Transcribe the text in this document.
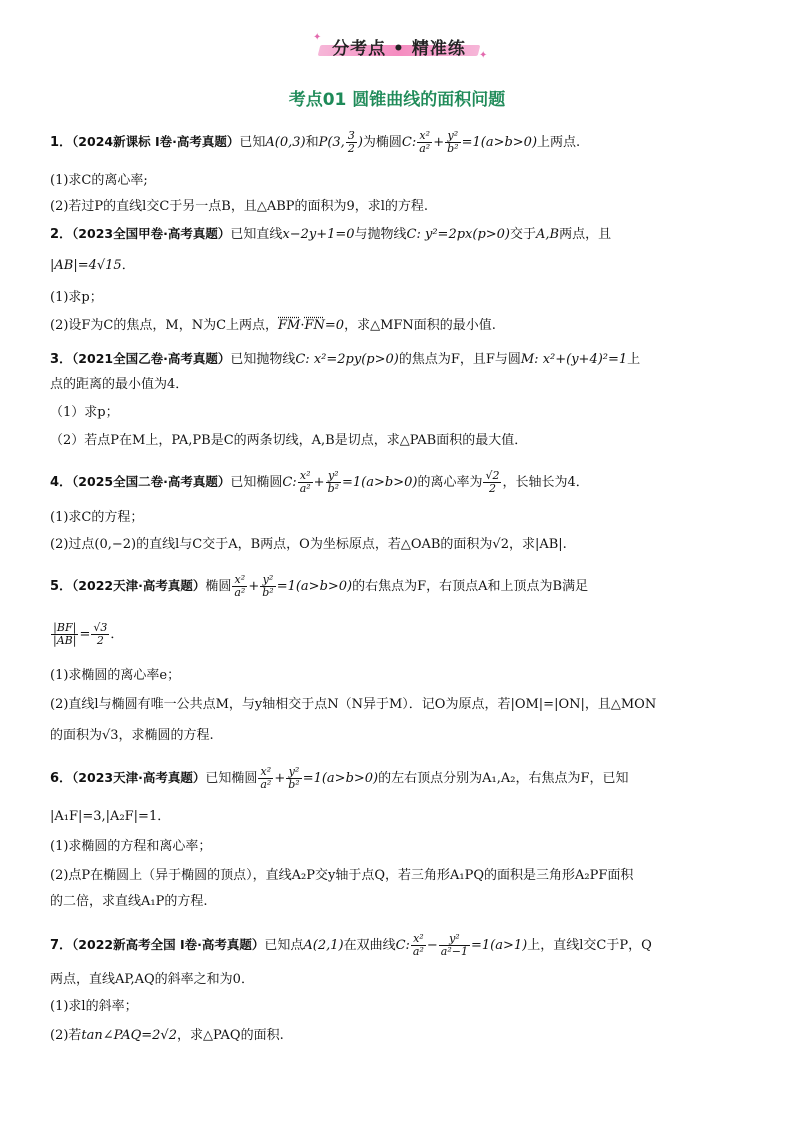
✦
✦
分考点 • 精准练
考点01 圆锥曲线的面积问题
1．（2024新课标 I卷·高考真题）已知A(0,3)和P(3, $\frac{3}{2}$ )为椭圆C: $\frac{\text{x²}}{\text{a²}} + \frac{\text{y²}}{\text{b²}} =1(a>b>0)$上两点.
(1)求C的离心率;
(2)若过P的直线l交C于另一点B，且△ABP的面积为9，求l的方程.
2．（2023全国甲卷·高考真题）已知直线x−2y+1=0与抛物线C: y²=2px(p>0)交于A,B两点，且
|AB|=4√15．
(1)求p；
(2)设F为C的焦点，M，N为C上两点，FM·FN=0，求△MFN面积的最小值.
3．（2021全国乙卷·高考真题）已知抛物线C: x²=2py(p>0)的焦点为F，且F与圆M: x²+(y+4)²=1上
点的距离的最小值为4．
（1）求p；
（2）若点P在M上，PA,PB是C的两条切线，A,B是切点，求△PAB面积的最大值．
4．（2025全国二卷·高考真题）已知椭圆C: $\frac{\text{x²}}{\text{a²}} + \frac{\text{y²}}{\text{b²}} =1(a>b>0)$的离心率为 $\frac{√2}{2}$ ，长轴长为4．
(1)求C的方程；
(2)过点(0,−2)的直线l与C交于A，B两点，O为坐标原点，若△OAB的面积为√2，求|AB|.
5．（2022天津·高考真题）椭圆 $\frac{\text{x²}}{\text{a²}} + \frac{\text{y²}}{\text{b²}} =1(a>b>0)$的右焦点为F，右顶点A和上顶点为B满足
$\frac{|BF|}{|AB|} = \frac{√3}{2}$ ．
(1)求椭圆的离心率e；
(2)直线l与椭圆有唯一公共点M，与y轴相交于点N（N异于M）．记O为原点，若|OM|=|ON|，且△MON
的面积为√3，求椭圆的方程.
6．（2023天津·高考真题）已知椭圆 $\frac{\text{x²}}{\text{a²}} + \frac{\text{y²}}{\text{b²}} =1(a>b>0)$的左右顶点分别为A₁,A₂，右焦点为F，已知
|A₁F|=3,|A₂F|=1．
(1)求椭圆的方程和离心率；
(2)点P在椭圆上（异于椭圆的顶点），直线A₂P交y轴于点Q，若三角形A₁PQ的面积是三角形A₂PF面积
的二倍，求直线A₁P的方程.
7．（2022新高考全国 I卷·高考真题）已知点A(2,1)在双曲线C: $\frac{\text{x²}}{\text{a²}} - \frac{\text{y²}}{\text{a²−1}} =1(a>1)$上，直线l交C于P，Q
两点，直线AP,AQ的斜率之和为0．
(1)求l的斜率；
(2)若tan∠PAQ=2√2，求△PAQ的面积.
